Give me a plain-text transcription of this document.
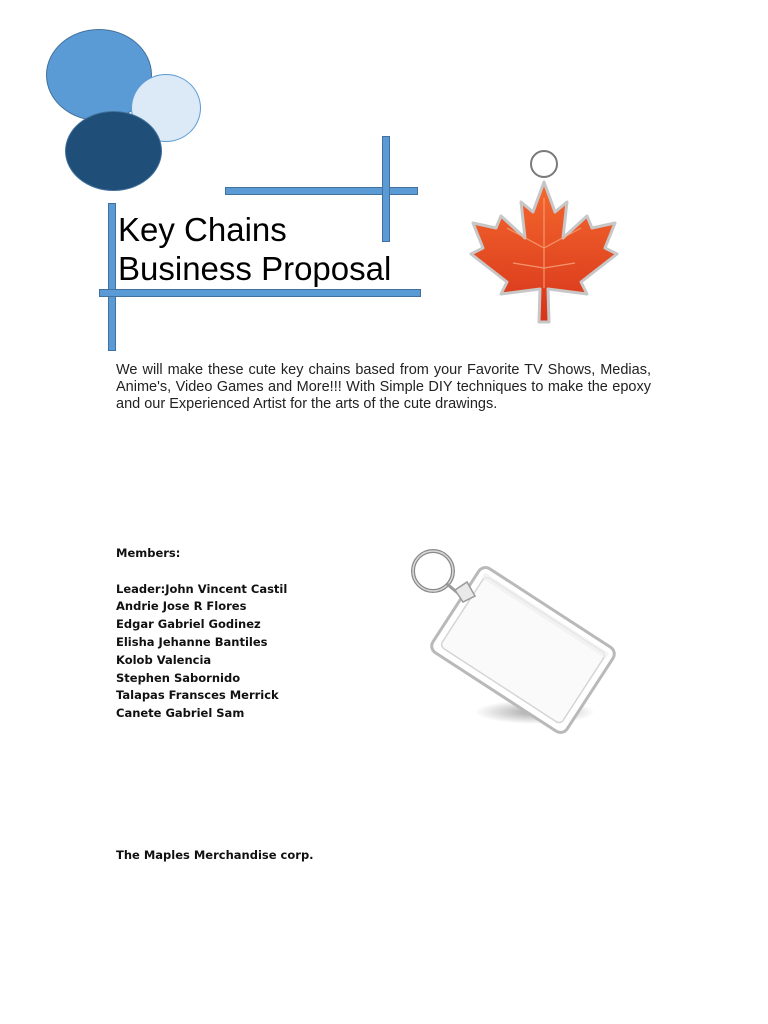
Key Chains
Business Proposal
We will make these cute key chains based from your Favorite TV Shows, Medias, Anime's, Video Games and More!!! With Simple DIY techniques to make the epoxy and our Experienced Artist for the arts of the cute drawings.
Members:
Leader:John Vincent Castil
Andrie Jose R Flores
Edgar Gabriel Godinez
Elisha Jehanne Bantiles
Kolob Valencia
Stephen Sabornido
Talapas Fransces Merrick
Canete Gabriel Sam
The Maples Merchandise corp.
